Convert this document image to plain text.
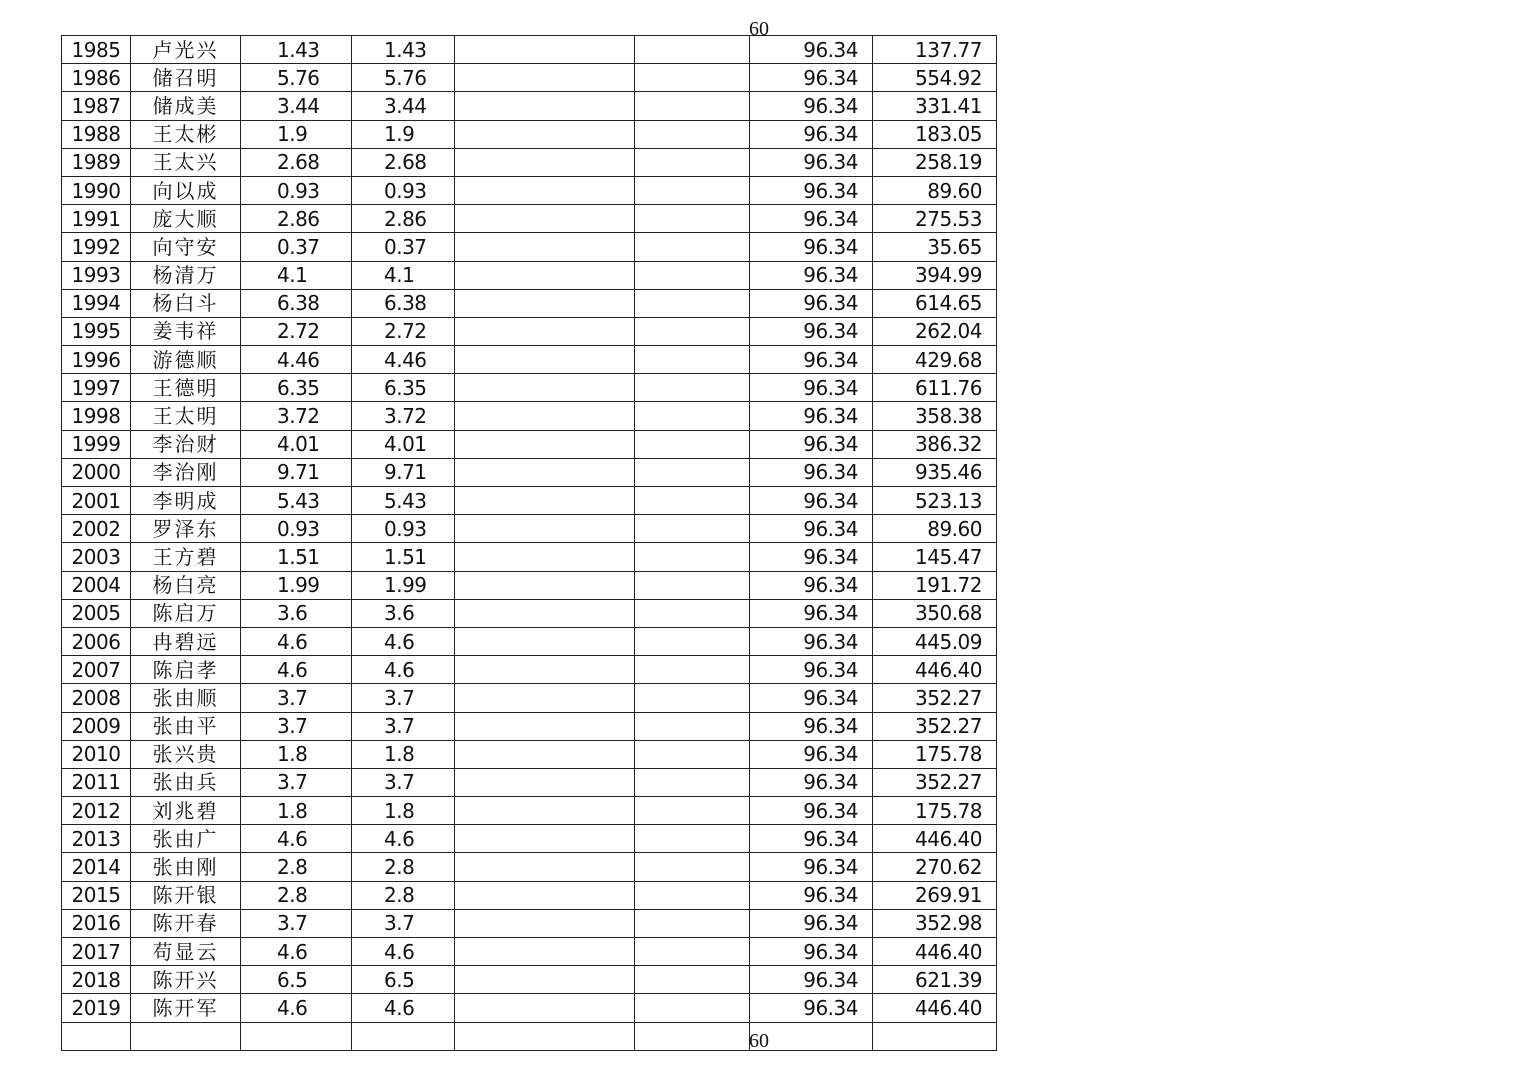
60
1985	卢光兴	1.43	1.43			96.34	137.77
1986	储召明	5.76	5.76			96.34	554.92
1987	储成美	3.44	3.44			96.34	331.41
1988	王太彬	1.9	1.9			96.34	183.05
1989	王太兴	2.68	2.68			96.34	258.19
1990	向以成	0.93	0.93			96.34	89.60
1991	庞大顺	2.86	2.86			96.34	275.53
1992	向守安	0.37	0.37			96.34	35.65
1993	杨清万	4.1	4.1			96.34	394.99
1994	杨白斗	6.38	6.38			96.34	614.65
1995	姜韦祥	2.72	2.72			96.34	262.04
1996	游德顺	4.46	4.46			96.34	429.68
1997	王德明	6.35	6.35			96.34	611.76
1998	王太明	3.72	3.72			96.34	358.38
1999	李治财	4.01	4.01			96.34	386.32
2000	李治刚	9.71	9.71			96.34	935.46
2001	李明成	5.43	5.43			96.34	523.13
2002	罗泽东	0.93	0.93			96.34	89.60
2003	王方碧	1.51	1.51			96.34	145.47
2004	杨白亮	1.99	1.99			96.34	191.72
2005	陈启万	3.6	3.6			96.34	350.68
2006	冉碧远	4.6	4.6			96.34	445.09
2007	陈启孝	4.6	4.6			96.34	446.40
2008	张由顺	3.7	3.7			96.34	352.27
2009	张由平	3.7	3.7			96.34	352.27
2010	张兴贵	1.8	1.8			96.34	175.78
2011	张由兵	3.7	3.7			96.34	352.27
2012	刘兆碧	1.8	1.8			96.34	175.78
2013	张由广	4.6	4.6			96.34	446.40
2014	张由刚	2.8	2.8			96.34	270.62
2015	陈开银	2.8	2.8			96.34	269.91
2016	陈开春	3.7	3.7			96.34	352.98
2017	苟显云	4.6	4.6			96.34	446.40
2018	陈开兴	6.5	6.5			96.34	621.39
2019	陈开军	4.6	4.6			96.34	446.40

60
